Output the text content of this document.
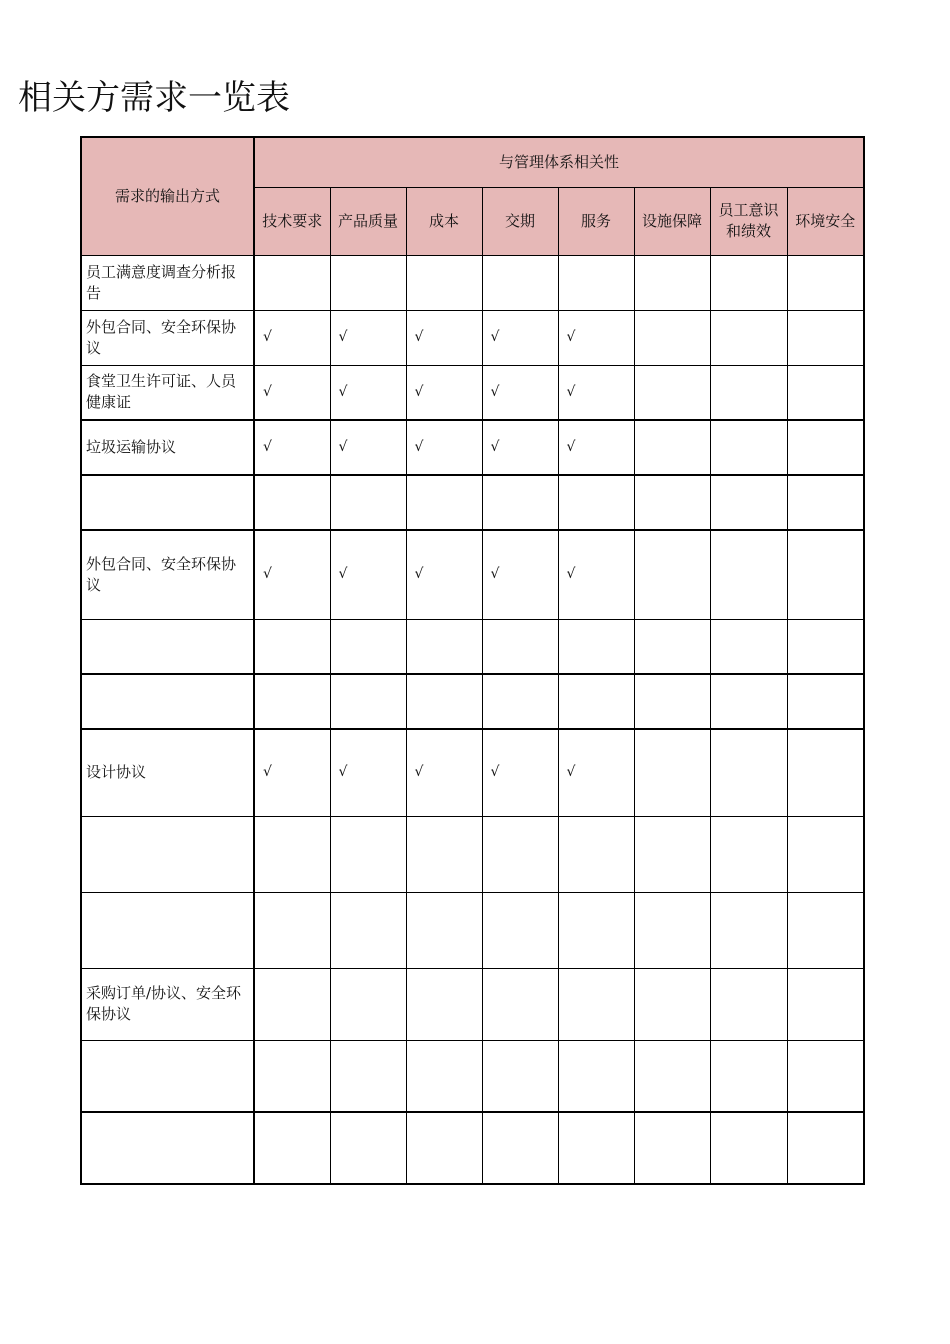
相关方需求一览表
需求的输出方式	与管理体系相关性							
	技术要求	产品质量	成本	交期	服务	设施保障	员工意识和绩效	环境安全
员工满意度调查分析报告								
外包合同、安全环保协议	√	√	√	√	√			
食堂卫生许可证、人员健康证	√	√	√	√	√			
垃圾运输协议	√	√	√	√	√			

外包合同、安全环保协议	√	√	√	√	√			

设计协议	√	√	√	√	√			

采购订单/协议、安全环保协议								
